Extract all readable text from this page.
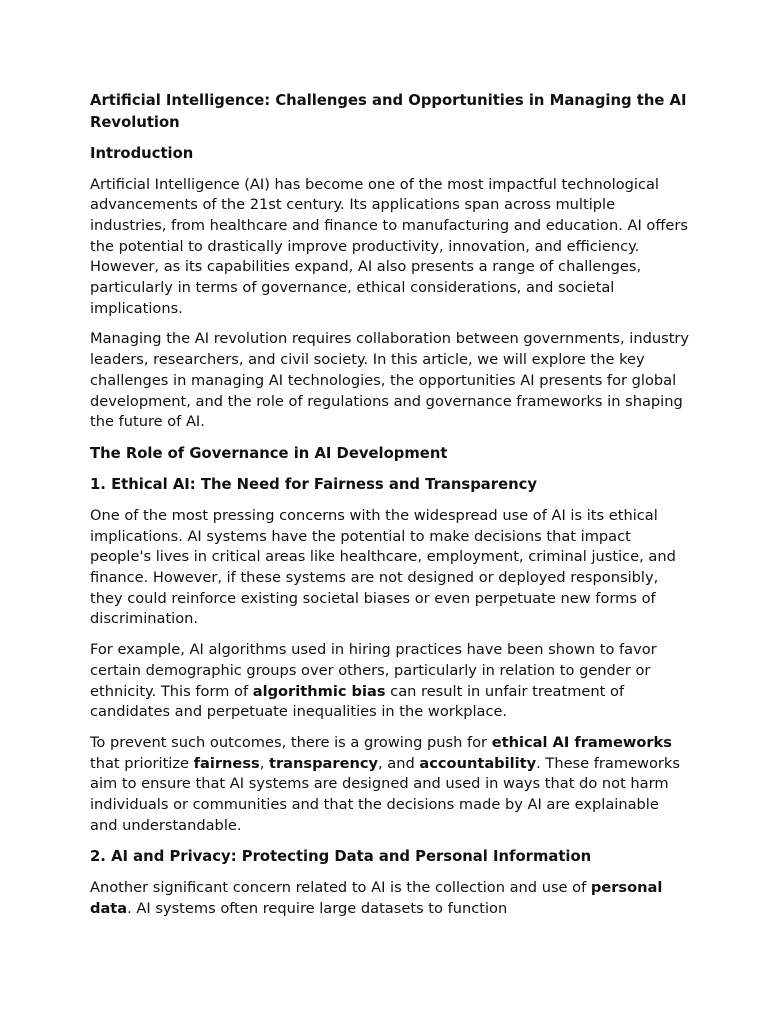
Artificial Intelligence: Challenges and Opportunities in Managing the AI Revolution
Introduction

Artificial Intelligence (AI) has become one of the most impactful technological advancements of the 21st century. Its applications span across multiple industries, from healthcare and finance to manufacturing and education. AI offers the potential to drastically improve productivity, innovation, and efficiency. However, as its capabilities expand, AI also presents a range of challenges, particularly in terms of governance, ethical considerations, and societal implications.

Managing the AI revolution requires collaboration between governments, industry leaders, researchers, and civil society. In this article, we will explore the key challenges in managing AI technologies, the opportunities AI presents for global development, and the role of regulations and governance frameworks in shaping the future of AI.

The Role of Governance in AI Development
1. Ethical AI: The Need for Fairness and Transparency

One of the most pressing concerns with the widespread use of AI is its ethical implications. AI systems have the potential to make decisions that impact people's lives in critical areas like healthcare, employment, criminal justice, and finance. However, if these systems are not designed or deployed responsibly, they could reinforce existing societal biases or even perpetuate new forms of discrimination.

For example, AI algorithms used in hiring practices have been shown to favor certain demographic groups over others, particularly in relation to gender or ethnicity. This form of algorithmic bias can result in unfair treatment of candidates and perpetuate inequalities in the workplace.

To prevent such outcomes, there is a growing push for ethical AI frameworks that prioritize fairness, transparency, and accountability. These frameworks aim to ensure that AI systems are designed and used in ways that do not harm individuals or communities and that the decisions made by AI are explainable and understandable.

2. AI and Privacy: Protecting Data and Personal Information

Another significant concern related to AI is the collection and use of personal data. AI systems often require large datasets to function
